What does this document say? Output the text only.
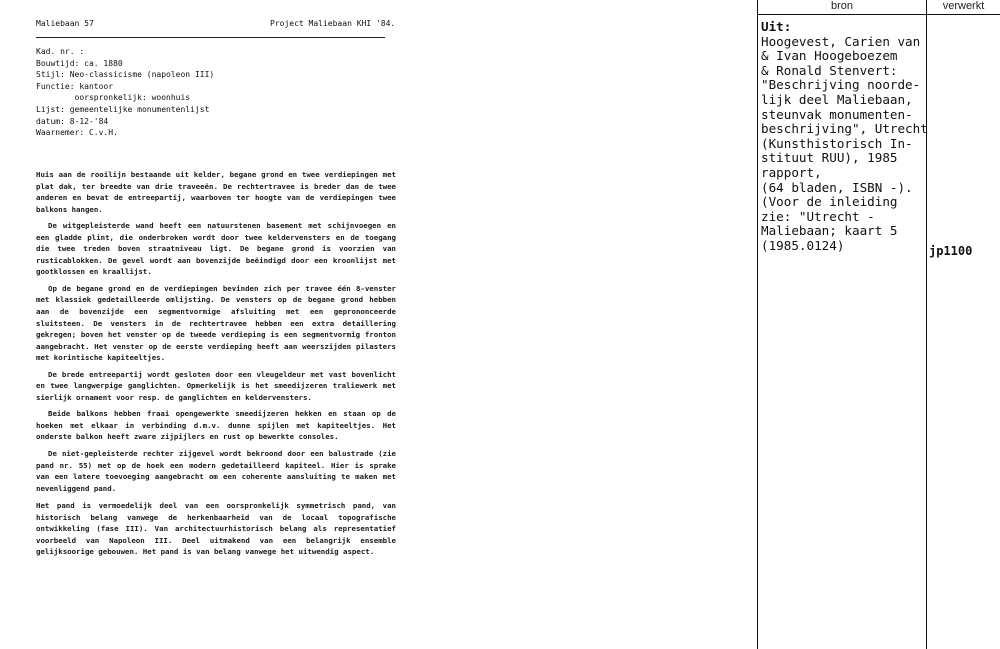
Maliebaan 57	Project Maliebaan KHI '84.
Kad. nr. :
Bouwtijd: ca. 1880
Stijl: Neo-classicisme (napoleon III)
Functie: kantoor
oorspronkelijk: woonhuis
Lijst: gemeentelijke monumentenlijst
datum: 8-12-'84
Waarnemer: C.v.H.

Huis aan de rooilijn bestaande uit kelder, begane grond en twee verdiepingen met plat dak, ter breedte van drie traveeën. De rechtertravee is breder dan de twee anderen en bevat de entreepartij, waarboven ter hoogte van de verdiepingen twee balkons hangen.

De witgepleisterde wand heeft een natuurstenen basement met schijnvoegen en een gladde plint, die onderbroken wordt door twee keldervensters en de toegang die twee treden boven straatniveau ligt. De begane grond is voorzien van rusticablokken. De gevel wordt aan bovenzijde beëindigd door een kroonlijst met gootklossen en kraallijst.

Op de begane grond en de verdiepingen bevinden zich per travee één 8-venster met klassiek gedetailleerde omlijsting. De vensters op de begane grond hebben aan de bovenzijde een segmentvormige afsluiting met een geprononceerde sluitsteen. De vensters in de rechtertravee hebben een extra detaillering gekregen; boven het venster op de tweede verdieping is een segmentvormig fronton aangebracht. Het venster op de eerste verdieping heeft aan weerszijden pilasters met korintische kapiteeltjes.

De brede entreepartij wordt gesloten door een vleugeldeur met vast bovenlicht en twee langwerpige ganglichten. Opmerkelijk is het smeedijzeren traliewerk met sierlijk ornament voor resp. de ganglichten en keldervensters.

Beide balkons hebben fraai opengewerkte smeedijzeren hekken en staan op de hoeken met elkaar in verbinding d.m.v. dunne spijlen met kapiteeltjes. Het onderste balkon heeft zware zijpijlers en rust op bewerkte consoles.

De niet-gepleisterde rechter zijgevel wordt bekroond door een balustrade (zie pand nr. 55) met op de hoek een modern gedetailleerd kapiteel. Hier is sprake van een latere toevoeging aangebracht om een coherente aansluiting te maken met nevenliggend pand.

Het pand is vermoedelijk deel van een oorspronkelijk symmetrisch pand, van historisch belang vanwege de herkenbaarheid van de locaal topografische ontwikkeling (fase III). Van architectuurhistorisch belang als representatief voorbeeld van Napoleon III. Deel uitmakend van een belangrijk ensemble gelijksoorige gebouwen. Het pand is van belang vanwege het uitwendig aspect.

bron	verwerkt
Uit:
Hoogevest, Carien van
& Ivan Hoogeboezem
& Ronald Stenvert:
"Beschrijving noorde-
lijk deel Maliebaan,
steunvak monumenten-
beschrijving", Utrecht
(Kunsthistorisch In-
stituut RUU), 1985
rapport,
(64 bladen, ISBN -).
(Voor de inleiding
zie: "Utrecht -
Maliebaan; kaart 5
(1985.0124)	jp1100
